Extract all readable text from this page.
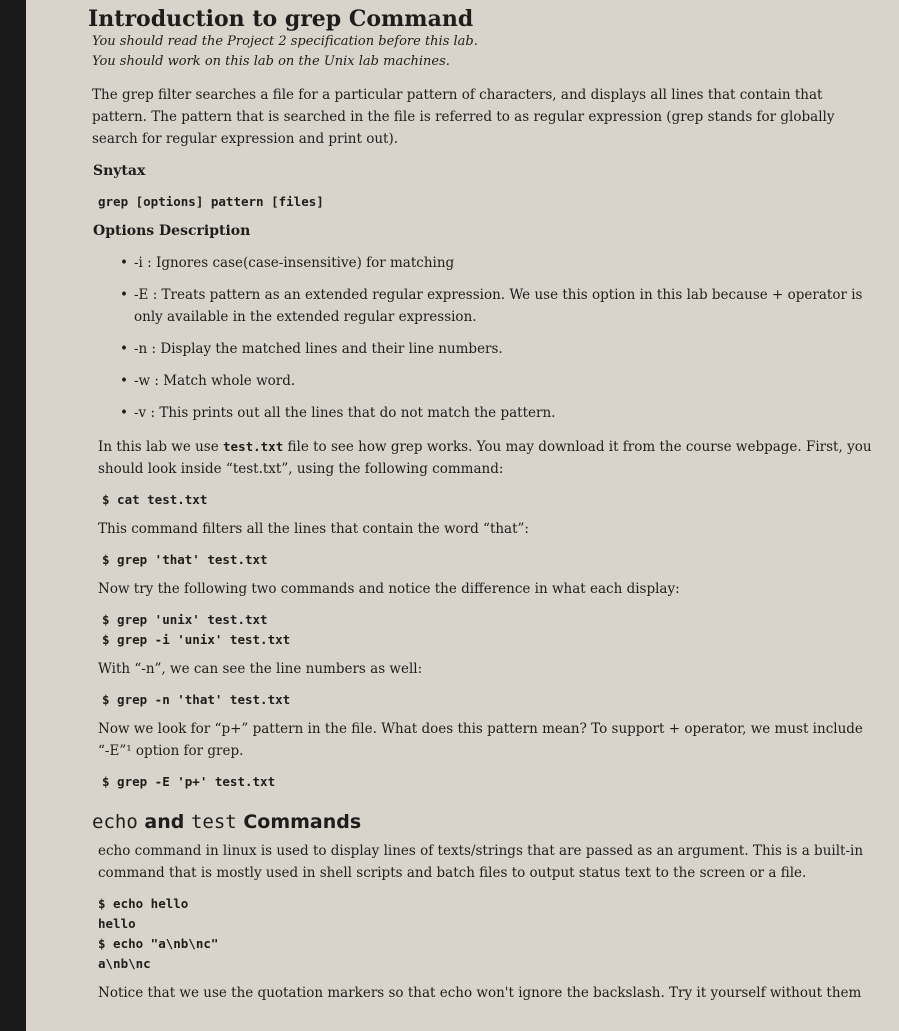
Introduction to grep Command
You should read the Project 2 specification before this lab.
You should work on this lab on the Unix lab machines.

The grep filter searches a file for a particular pattern of characters, and displays all lines that contain that pattern. The pattern that is searched in the file is referred to as regular expression (grep stands for globally search for regular expression and print out).

Snytax
grep [options] pattern [files]
Options Description
• -i : Ignores case(case-insensitive) for matching
• -E : Treats pattern as an extended regular expression. We use this option in this lab because + operator is only available in the extended regular expression.
• -n : Display the matched lines and their line numbers.
• -w : Match whole word.
• -v : This prints out all the lines that do not match the pattern.

In this lab we use test.txt file to see how grep works. You may download it from the course webpage. First, you should look inside “test.txt”, using the following command:

$ cat test.txt

This command filters all the lines that contain the word “that”:

$ grep 'that' test.txt

Now try the following two commands and notice the difference in what each display:

$ grep 'unix' test.txt
$ grep -i 'unix' test.txt

With “-n”, we can see the line numbers as well:

$ grep -n 'that' test.txt

Now we look for “p+” pattern in the file. What does this pattern mean? To support + operator, we must include “-E”¹ option for grep.

$ grep -E 'p+' test.txt
echo and test Commands

echo command in linux is used to display lines of texts/strings that are passed as an argument. This is a built-in command that is mostly used in shell scripts and batch files to output status text to the screen or a file.

$ echo hello
hello
$ echo "a\nb\nc"
a\nb\nc

Notice that we use the quotation markers so that echo won't ignore the backslash. Try it yourself without them
